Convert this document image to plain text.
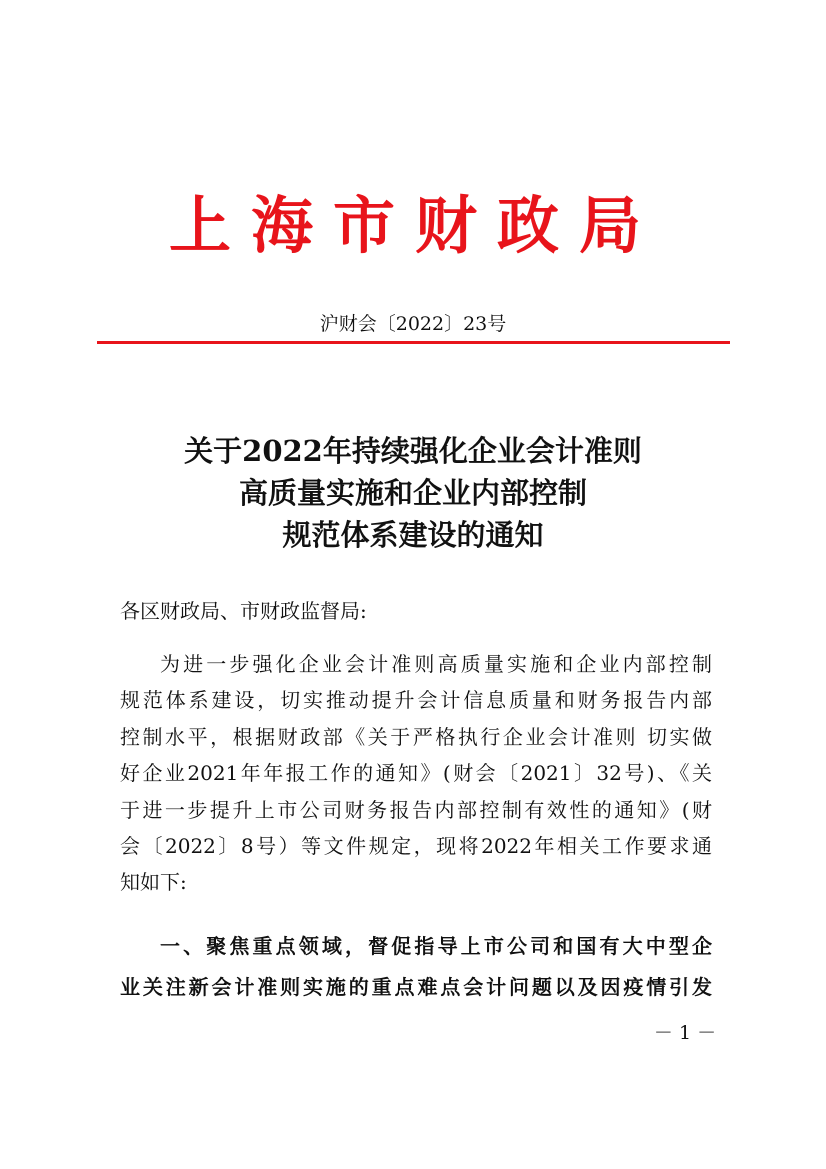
上海市财政局
沪财会〔2022〕23号
关于2022年持续强化企业会计准则
高质量实施和企业内部控制
规范体系建设的通知
各区财政局、市财政监督局:
为进一步强化企业会计准则高质量实施和企业内部控制
规范体系建设，切实推动提升会计信息质量和财务报告内部
控制水平，根据财政部《关于严格执行企业会计准则 切实做
好企业2021年年报工作的通知》(财会〔2021〕32号)、《关
于进一步提升上市公司财务报告内部控制有效性的通知》(财
会〔2022〕8号）等文件规定，现将2022年相关工作要求通
知如下:
一、聚焦重点领域，督促指导上市公司和国有大中型企
业关注新会计准则实施的重点难点会计问题以及因疫情引发
－ 1 －
